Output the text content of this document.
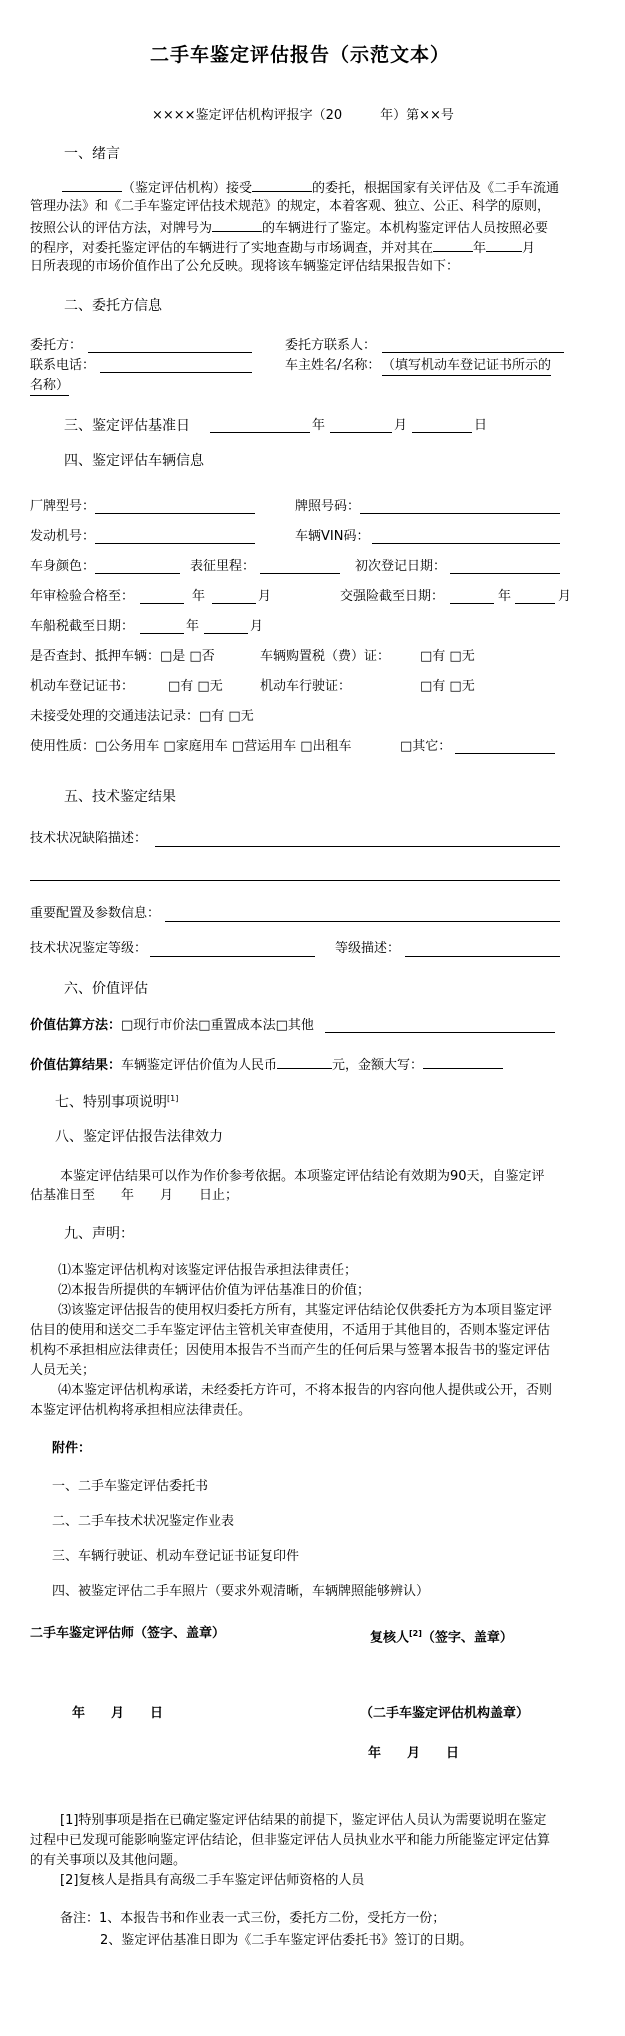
二手车鉴定评估报告（示范文本）
××××鉴定评估机构评报字（20	年）第××号
一、绪言
（鉴定评估机构）接受	的委托，根据国家有关评估及《二手车流通
管理办法》和《二手车鉴定评估技术规范》的规定，本着客观、独立、公正、科学的原则，
按照公认的评估方法，对牌号为	的车辆进行了鉴定。本机构鉴定评估人员按照必要
的程序，对委托鉴定评估的车辆进行了实地查勘与市场调查，并对其在	年	月
日所表现的市场价值作出了公允反映。现将该车辆鉴定评估结果报告如下：
二、委托方信息
委托方：	委托方联系人：
联系电话：	车主姓名/名称： （填写机动车登记证书所示的
名称）
三、鉴定评估基准日	年	月	日
四、鉴定评估车辆信息
厂牌型号：	牌照号码：
发动机号：	车辆VIN码：
车身颜色：	表征里程：	初次登记日期：
年审检验合格至：	年	月	交强险截至日期：	年	月
车船税截至日期：	年	月
是否查封、抵押车辆：□是 □否	车辆购置税（费）证： □有 □无
机动车登记证书：	□有 □无	机动车行驶证：	□有 □无
未接受处理的交通违法记录：□有 □无
使用性质：□公务用车 □家庭用车 □营运用车 □出租车	□其它：
五、技术鉴定结果
技术状况缺陷描述：
重要配置及参数信息：
技术状况鉴定等级：	等级描述：
六、价值评估
价值估算方法：□现行市价法□重置成本法□其他
价值估算结果：车辆鉴定评估价值为人民币	元，金额大写：
七、特别事项说明[1]
八、鉴定评估报告法律效力
本鉴定评估结果可以作为作价参考依据。本项鉴定评估结论有效期为90天，自鉴定评
估基准日至　　年　　月　　日止；
九、声明：
⑴本鉴定评估机构对该鉴定评估报告承担法律责任；
⑵本报告所提供的车辆评估价值为评估基准日的价值；
⑶该鉴定评估报告的使用权归委托方所有，其鉴定评估结论仅供委托方为本项目鉴定评
估目的使用和送交二手车鉴定评估主管机关审查使用，不适用于其他目的，否则本鉴定评估
机构不承担相应法律责任；因使用本报告不当而产生的任何后果与签署本报告书的鉴定评估
人员无关；
⑷本鉴定评估机构承诺，未经委托方许可，不将本报告的内容向他人提供或公开，否则
本鉴定评估机构将承担相应法律责任。
附件：
一、二手车鉴定评估委托书
二、二手车技术状况鉴定作业表
三、车辆行驶证、机动车登记证书证复印件
四、被鉴定评估二手车照片（要求外观清晰，车辆牌照能够辨认）
二手车鉴定评估师（签字、盖章）	复核人[2]（签字、盖章）
年　　月　　日	（二手车鉴定评估机构盖章）
年　　月　　日
[1]特别事项是指在已确定鉴定评估结果的前提下，鉴定评估人员认为需要说明在鉴定
过程中已发现可能影响鉴定评估结论，但非鉴定评估人员执业水平和能力所能鉴定评定估算
的有关事项以及其他问题。
[2]复核人是指具有高级二手车鉴定评估师资格的人员
备注：1、本报告书和作业表一式三份，委托方二份，受托方一份；
2、鉴定评估基准日即为《二手车鉴定评估委托书》签订的日期。
